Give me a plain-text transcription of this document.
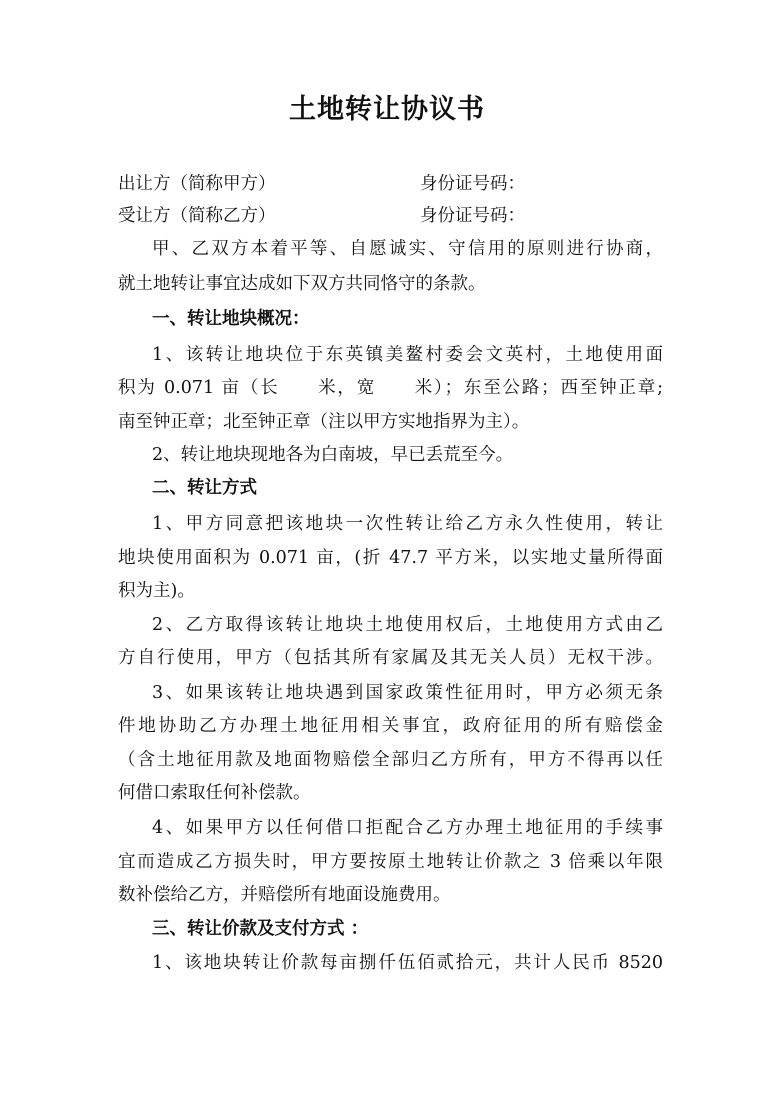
土地转让协议书
出让方（简称甲方）	身份证号码：
受让方（简称乙方）	身份证号码：
甲、乙双方本着平等、自愿诚实、守信用的原则进行协商，
就土地转让事宜达成如下双方共同恪守的条款。
一、转让地块概况：
1、该转让地块位于东英镇美鳌村委会文英村，土地使用面
积为 0.071 亩（长　　米，宽　　米）；东至公路；西至钟正章;
南至钟正章；北至钟正章（注以甲方实地指界为主）。
2、转让地块现地各为白南坡，早已丢荒至今。
二、转让方式
1、甲方同意把该地块一次性转让给乙方永久性使用，转让
地块使用面积为 0.071 亩，(折 47.7 平方米，以实地丈量所得面
积为主)。
2、乙方取得该转让地块土地使用权后，土地使用方式由乙
方自行使用，甲方（包括其所有家属及其无关人员）无权干涉。
3、如果该转让地块遇到国家政策性征用时，甲方必须无条
件地协助乙方办理土地征用相关事宜，政府征用的所有赔偿金
（含土地征用款及地面物赔偿全部归乙方所有，甲方不得再以任
何借口索取任何补偿款。
4、如果甲方以任何借口拒配合乙方办理土地征用的手续事
宜而造成乙方损失时，甲方要按原土地转让价款之 3 倍乘以年限
数补偿给乙方，并赔偿所有地面设施费用。
三、转让价款及支付方式 ：
1、该地块转让价款每亩捌仟伍佰贰拾元，共计人民币 8520
